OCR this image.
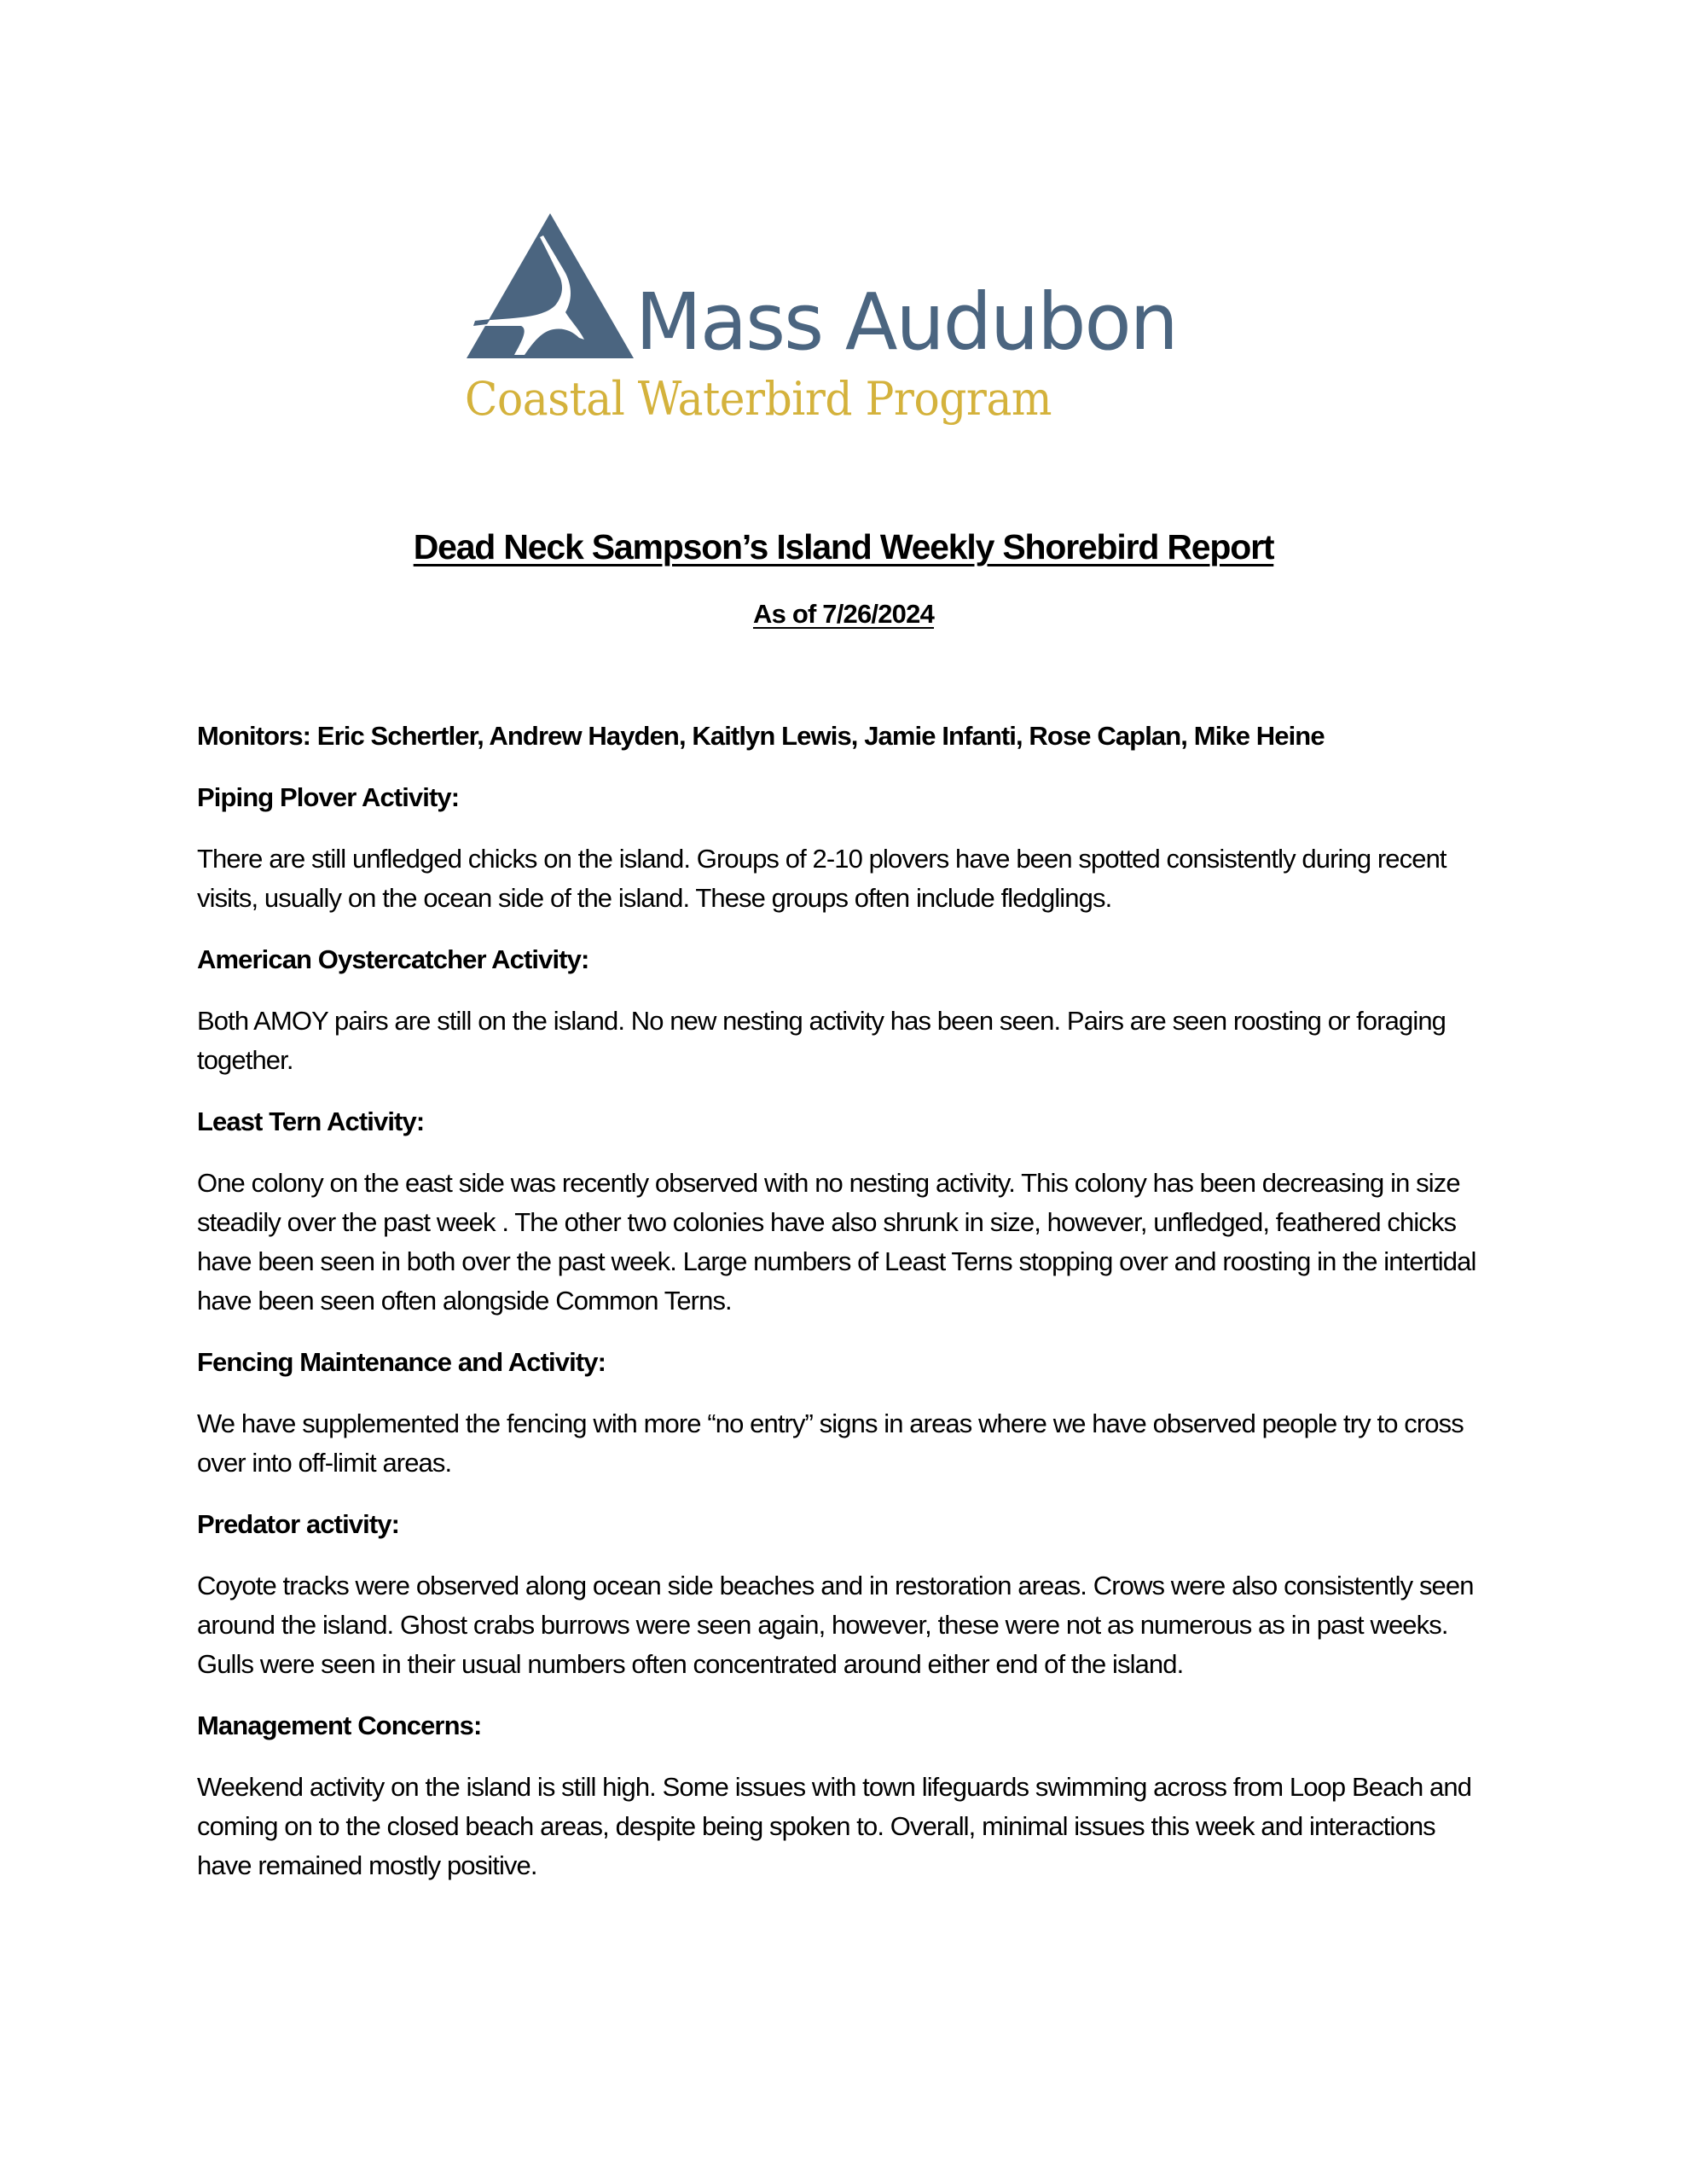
Mass Audubon
Coastal Waterbird Program
Dead Neck Sampson’s Island Weekly Shorebird Report
As of 7/26/2024

Monitors: Eric Schertler, Andrew Hayden, Kaitlyn Lewis, Jamie Infanti, Rose Caplan, Mike Heine

Piping Plover Activity:

There are still unfledged chicks on the island. Groups of 2-10 plovers have been spotted consistently during recent visits, usually on the ocean side of the island. These groups often include fledglings.

American Oystercatcher Activity:

Both AMOY pairs are still on the island. No new nesting activity has been seen. Pairs are seen roosting or foraging together.

Least Tern Activity:

One colony on the east side was recently observed with no nesting activity. This colony has been decreasing in size steadily over the past week . The other two colonies have also shrunk in size, however, unfledged, feathered chicks have been seen in both over the past week. Large numbers of Least Terns stopping over and roosting in the intertidal have been seen often alongside Common Terns.

Fencing Maintenance and Activity:

We have supplemented the fencing with more “no entry” signs in areas where we have observed people try to cross over into off-limit areas.

Predator activity:

Coyote tracks were observed along ocean side beaches and in restoration areas. Crows were also consistently seen around the island. Ghost crabs burrows were seen again, however, these were not as numerous as in past weeks. Gulls were seen in their usual numbers often concentrated around either end of the island.

Management Concerns:

Weekend activity on the island is still high. Some issues with town lifeguards swimming across from Loop Beach and coming on to the closed beach areas, despite being spoken to. Overall, minimal issues this week and interactions have remained mostly positive.
